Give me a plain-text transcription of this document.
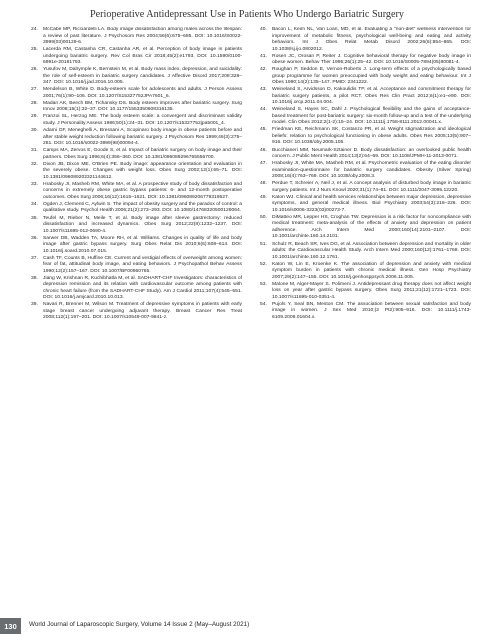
Perioperative Antidepressant Use in Patients Who Undergo Bariatric Surgery
24.	McCabe MP, Ricciardelli LA. Body image dissatisfaction among males across the lifespan: a review of past literature. J Psychosom Res 2004;56(6):675–685. DOI: 10.1016/S0022-3999(03)00129-6.
25.	Lacerda RM, Castanha CR, Castanha AR, et al. Perception of body image in patients undergoing bariatric surgery. Rev Col Bras Cir 2018;45(2):e1793. DOI: 10.1590/0100-6991e-20181793.
26.	Yusufov M, Dalrymple K, Bernstein M, et al. Body mass index, depression, and suicidality: the role of self-esteem in bariatric surgery candidates. J Affective Disord 2017;208:328–347. DOI: 10.1016/j.jad.2016.10.005.
27.	Mendelson B, White D. Body-esteem scale for adolescents and adults. J Person Assess 2001;76(1):90–106. DOI: 10.1207/S15327752JPA7601_6.
28.	Madan AK, Beech BM, Tichansky DS. Body esteem improves after bariatric surgery. Surg Innov 2008;15(1):32–37. DOI: 10.1177/1553350608316135.
29.	Franzoi SL, Herzog ME. The body esteem scale: a convergent and discriminant validity study. J Personality Assess 1986;50(1):24–31. DOI: 10.1207/s15327752jpa5001_4.
30.	Adami GF, Meneghelli A, Bressani A, Scopinaro body image in obese patients before and after stable weight reduction following bariatric surgery. J Psychosom Res 1999;46(3):275–281. DOI: 10.1016/s0022-3999(98)00094-4.
31.	Camps MA, Zervos E, Goode S, et al. Impact of bariatric surgery on body image and their partners. Obes Surg 1996;6(4):356–360. DOI: 10.1381/096089296765556700.
32.	Dixon JB, Dixon ME, O'Brien PE. Body image: appearance orientation and evaluation in the severely obese. Changes with weight loss. Obes Surg 2002;12(1):65–71. DOI: 10.1381/096089202321144612.
33.	Hrabosky JI, Masheb RM, White MA, et al. A prospective study of body dissatisfaction and concerns in extremely obese gastric bypass patients: 6- and 12-month postoperative outcomes. Obes Surg 2006;16(12):1615–1621. DOI: 10.1381/096089206779319527.
34.	Ogden J, Clementi C, Aylwin S. The impact of obesity surgery and the paradox of control: a qualitative study. Psychol Health 2006;21(2):273–293. DOI: 10.1080/14768320500129064.
35.	Teufel M, Rieber N, Meile T, et al. Body image after sleeve gastrectomy: reduced dissatisfaction and increased dynamics. Obes Surg 2012;22(8):1232–1237. DOI: 10.1007/s11695-012-0690-4.
36.	Sarwer DB, Wadden TA, Moore RH, et al. Williams. Changes in quality of life and body image after gastric bypass surgery. Surg Obes Relat Dis 2010;6(6):608–614. DOI: 10.1016/j.soard.2010.07.015.
37.	Cash TF, Counts B, Huffine CE. Current and vestigial effects of overweight among women: fear of fat, attitudinal body image, and eating behaviors. J Psychopathol Behav Assess 1990;12(2):157–167. DOI: 10.1007/BF00960765.
38.	Jiang W, Krishnan R, Kuchibhatla M, et al. SADHART-CHF Investigators: characteristics of depression remission and its relation with cardiovascular outcome among patients with chronic heart failure (from the SADHART-CHF Study). Am J Cardiol 2011;107(4):545–551. DOI: 10.1016/j.amjcard.2010.10.013.
39.	Navari R, Brenner M, Wilson M. Treatment of depressive symptoms in patients with early stage breast cancer undergoing adjuvant therapy. Breast Cancer Res Treat 2008;112(1):197–201. DOI: 10.1007/s10549-007-9841-z.
40.	Bacon L, Keim NL, Van Loan, MD, et al. Evaluating a "non-diet" wellness intervention for improvement of metabolic fitness, psychological well-being and eating and activity behaviors. Int J Obes Relat Metab Disord 2002;26(6):854–865. DOI: 10.1038/sj.ijo.0802012.
41.	Rosen JC, Orosan P, Reiter J. Cognitive behavioral therapy for negative body image in obese women. Behav Ther 1995;26(1):25–42. DOI: 10.1016/S0005-7894(05)80081-4.
42.	Roughan P, Seddon E, Vernon-Roberts J. Long-term effects of a psychologically based group programme for women preoccupied with body weight and eating behaviour. Int J Obes 1990;14(2):135–147. PMID: 2341222.
43.	Weineland S, Arvidsson D, Kakoulidis TP, et al. Acceptance and commitment therapy for bariatric surgery patients, a pilot RCT. Obes Res Clin Pract 2012;6(1):e1–e90. DOI: 10.1016/j.orcp.2011.04.004.
44.	Weineland S, Hayes SC, Dahl J. Psychological flexibility and the gains of acceptance-based treatment for post-bariatric surgery: six-month follow-up and a test of the underlying model. Clin Obes 2012;2(1-2):15–24. DOI: 10.1111/j.1758-8111.2012.00041.x.
45.	Friedman KE, Reichmann SK, Costanzo PR, et al. Weight stigmatization and ideological beliefs: relation to psychological functioning in obese adults. Obes Res 2005;13(5):907–916. DOI: 10.1038/oby.2005.105.
46.	Bucchianeri MM, Neumark-Sztainer D. Body dissatisfaction: an overlooked public health concern. J Public Ment Health 2014;13(2):64–69. DOI: 10.1108/JPMH-11-2013-0071.
47.	Hrabosky JI, White MA, Masheb RM, et al. Psychometric evaluation of the eating disorder examination-questionnaire for bariatric surgery candidates. Obesity (Silver Spring) 2008;16(4):763–769. DOI: 10.1038/oby.2008.3.
48.	Perdue T, Schreier A, Neil J, et al. A concept analysis of disturbed body image in bariatric surgery patients. Int J Nurs Knowl 2020;31(1):74–81. DOI: 10.1111/2047-3095.12220.
49.	Katon WJ. Clinical and health services relationships between major depression, depressive symptoms, and general medical illness. Biol Psychiatry 2003;54(3):216–226. DOI: 10.1016/s0006-3223(03)00273-7.
50.	DiMatteo MR, Lepper HS, Croghan TW. Depression is a risk factor for noncompliance with medical treatment: meta-analysis of the effects of anxiety and depression on patient adherence. Arch Intern Med 2000;160(14):2101–2107. DOI: 10.1001/archinte.160.14.2101.
51.	Schulz R, Beach SR, Ives DG, et al. Association between depression and mortality in older adults: the Cardiovascular Health Study. Arch Intern Med 2000;160(12):1761–1768. DOI: 10.1001/archinte.160.12.1761.
52.	Katon W, Lin E, Kroenke K. The association of depression and anxiety with medical symptom burden in patients with chronic medical illness. Gen Hosp Psychiatry 2007;29(2):147–155. DOI: 10.1016/j.genhosppsych.2006.11.005.
53.	Malone M, Alger-Mayer S. Polimeni J. Antidepressant drug therapy does not affect weight loss on year after gastric bypass surgery. Obes Surg 2011;21(12):1721–1723. DOI: 10.1007/s11695-010-0351-4.
54.	Pujols Y, Seal BN, Meston CM. The association between sexual satisfaction and body image in women. J Sex Med 2010;(2 Pt2):905–916. DOI: 10.1111/j.1743-6109.2009.01604.x.
130	World Journal of Laparoscopic Surgery, Volume 14 Issue 2 (May–August 2021)
